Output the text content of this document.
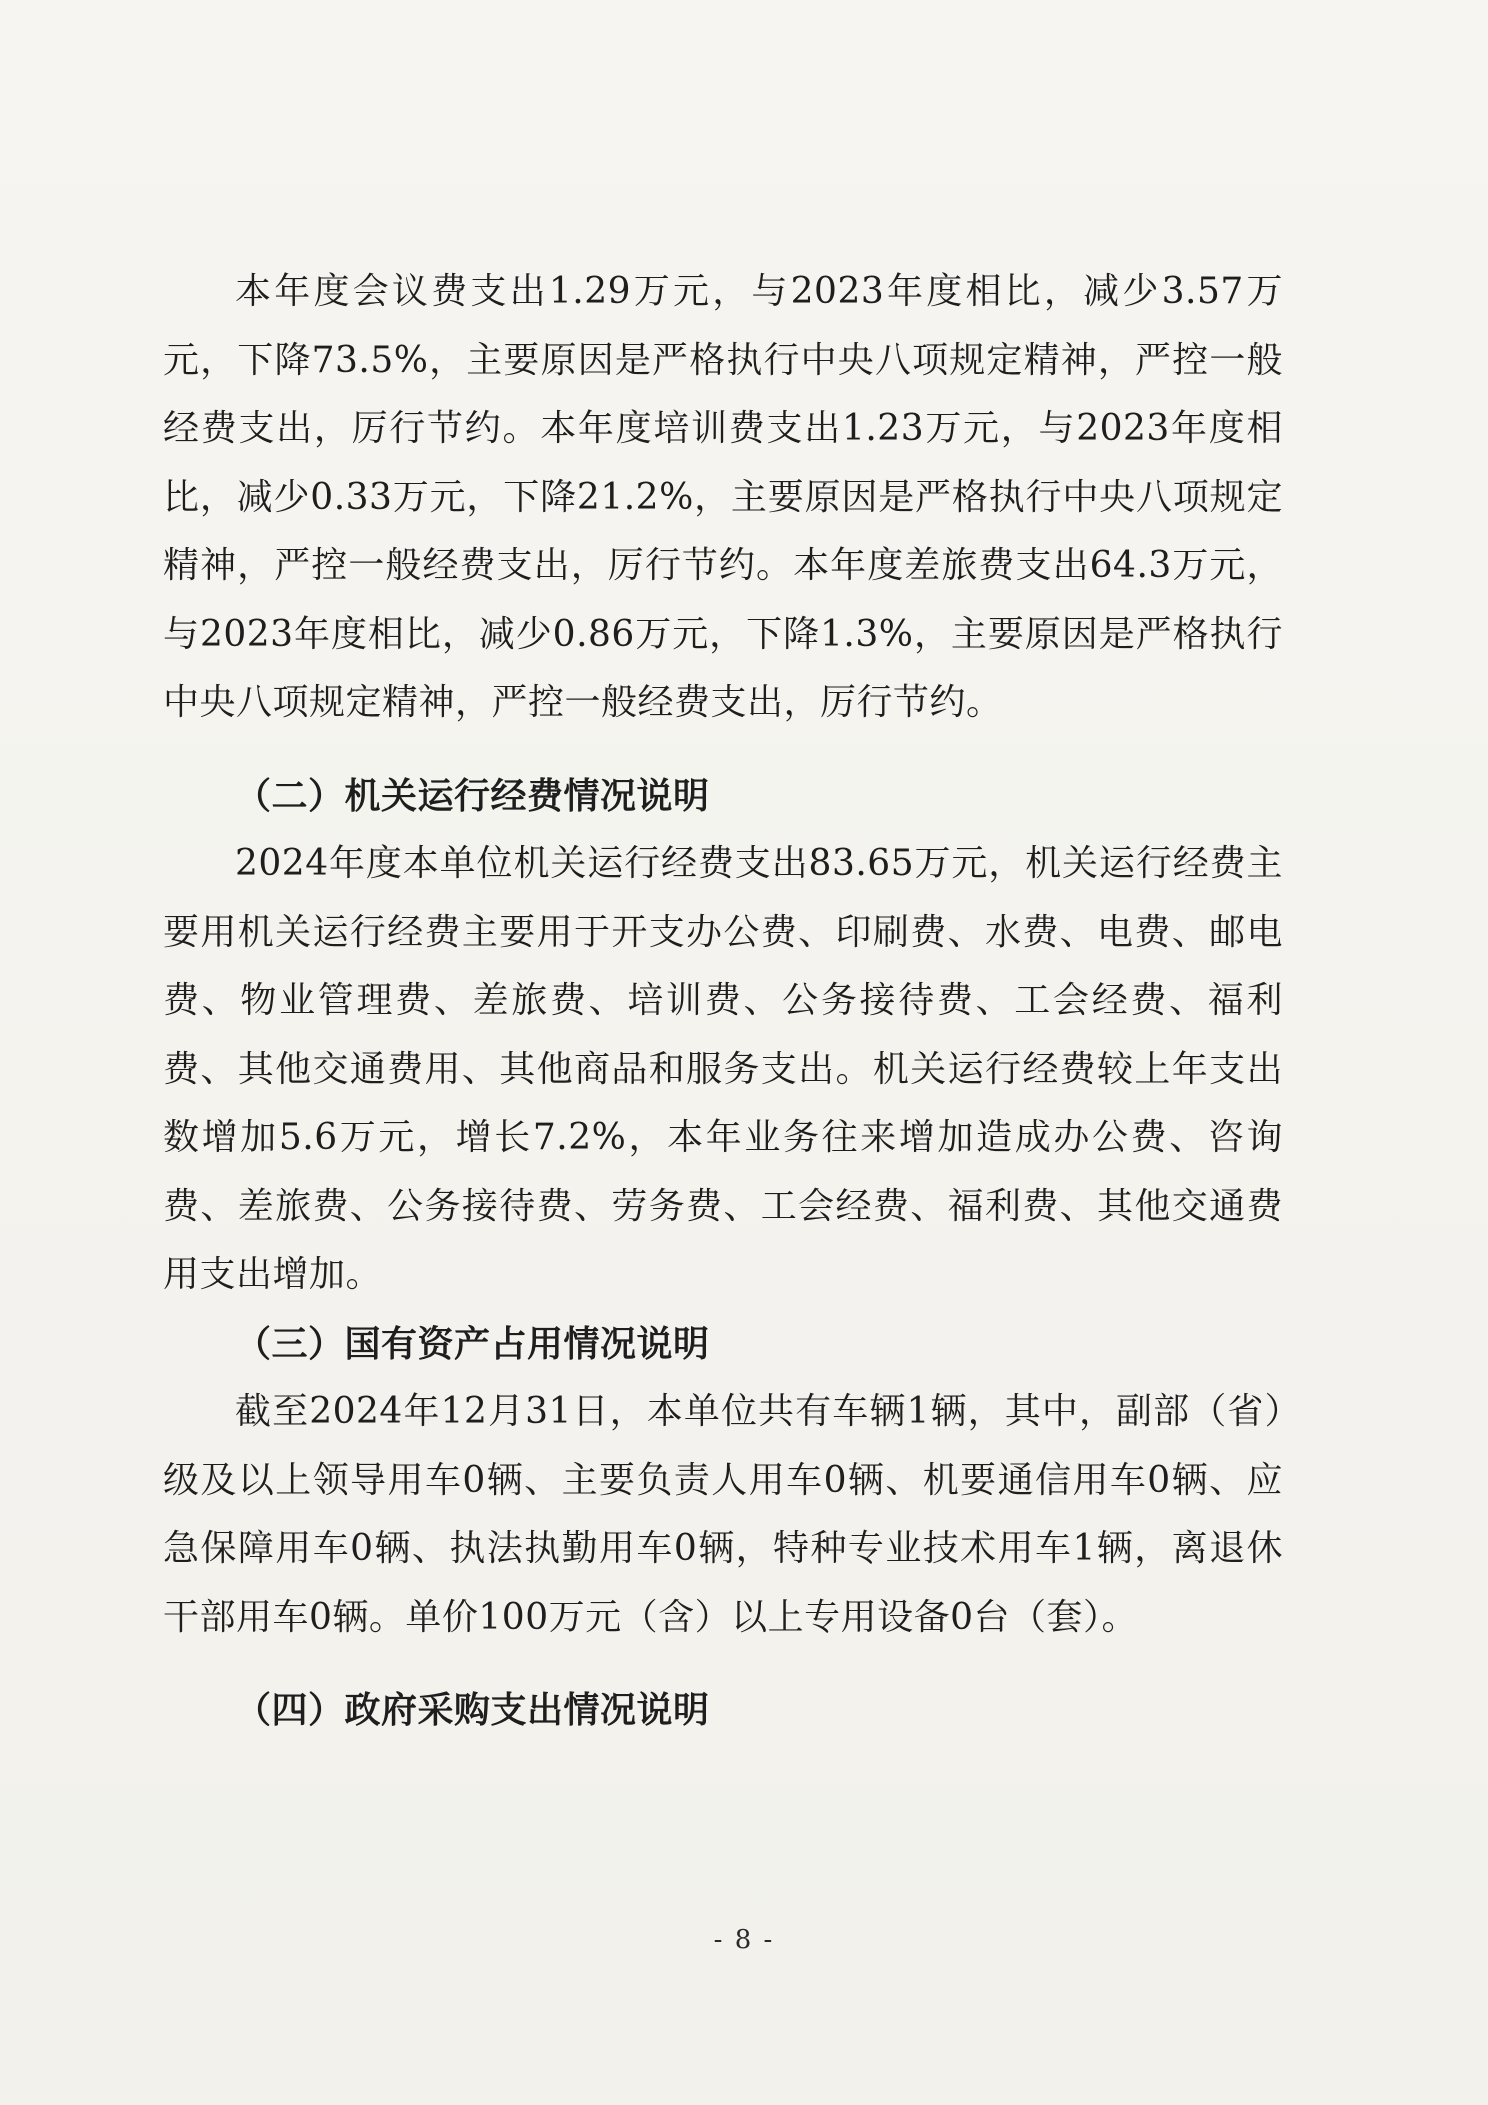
本年度会议费支出1.29万元，与2023年度相比，减少3.57万元，下降73.5%，主要原因是严格执行中央八项规定精神，严控一般经费支出，厉行节约。本年度培训费支出1.23万元，与2023年度相比，减少0.33万元，下降21.2%，主要原因是严格执行中央八项规定精神，严控一般经费支出，厉行节约。本年度差旅费支出64.3万元，与2023年度相比，减少0.86万元，下降1.3%，主要原因是严格执行中央八项规定精神，严控一般经费支出，厉行节约。

（二）机关运行经费情况说明

2024年度本单位机关运行经费支出83.65万元，机关运行经费主要用机关运行经费主要用于开支办公费、印刷费、水费、电费、邮电费、物业管理费、差旅费、培训费、公务接待费、工会经费、福利费、其他交通费用、其他商品和服务支出。机关运行经费较上年支出数增加5.6万元，增长7.2%，本年业务往来增加造成办公费、咨询费、差旅费、公务接待费、劳务费、工会经费、福利费、其他交通费用支出增加。

（三）国有资产占用情况说明

截至2024年12月31日，本单位共有车辆1辆，其中，副部（省）级及以上领导用车0辆、主要负责人用车0辆、机要通信用车0辆、应急保障用车0辆、执法执勤用车0辆，特种专业技术用车1辆，离退休干部用车0辆。单价100万元（含）以上专用设备0台（套）。

（四）政府采购支出情况说明

- 8 -
